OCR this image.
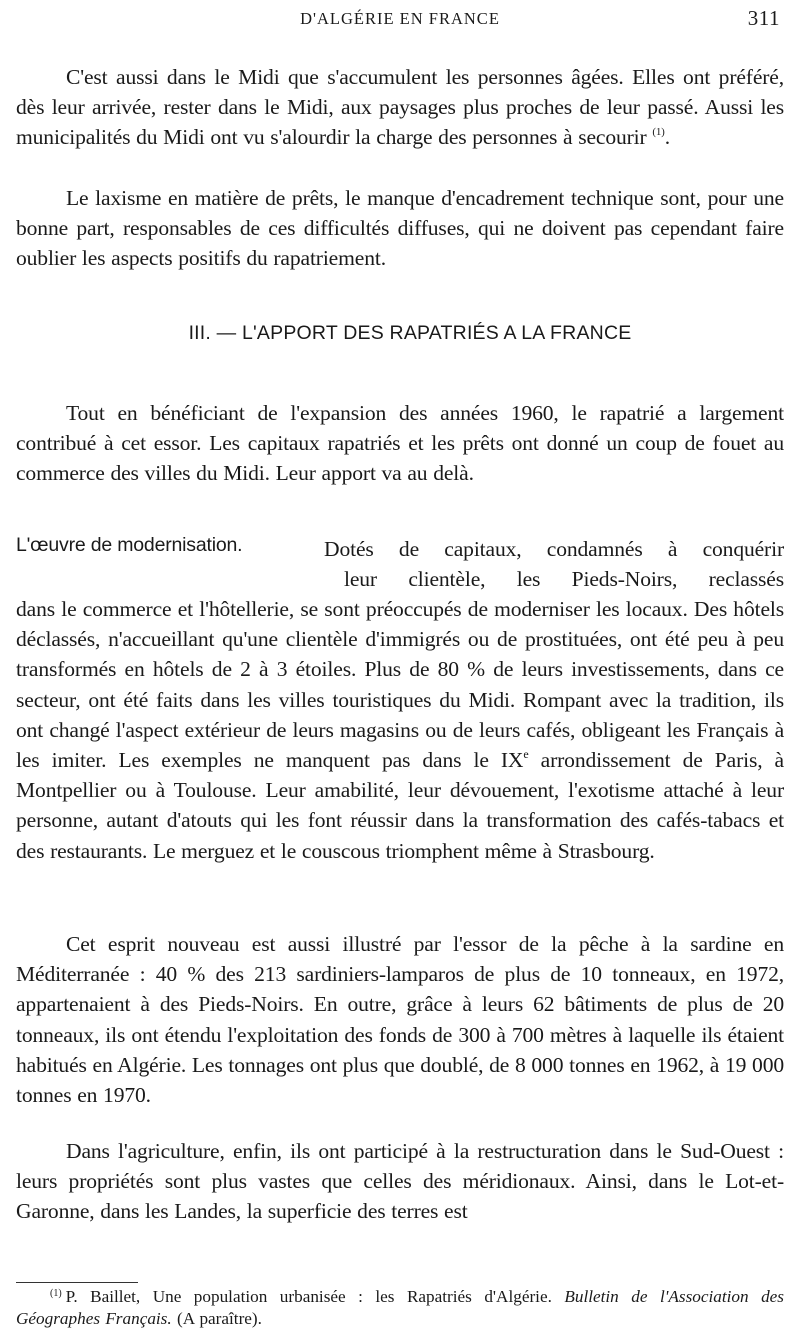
D'ALGÉRIE EN FRANCE	311

C'est aussi dans le Midi que s'accumulent les personnes âgées. Elles ont préféré, dès leur arrivée, rester dans le Midi, aux paysages plus proches de leur passé. Aussi les municipalités du Midi ont vu s'alourdir la charge des personnes à secourir $^{(1)}$.

Le laxisme en matière de prêts, le manque d'encadrement technique sont, pour une bonne part, responsables de ces difficultés diffuses, qui ne doivent pas cependant faire oublier les aspects positifs du rapatriement.

III. — L'APPORT DES RAPATRIÉS A LA FRANCE

Tout en bénéficiant de l'expansion des années 1960, le rapatrié a largement contribué à cet essor. Les capitaux rapatriés et les prêts ont donné un coup de fouet au commerce des villes du Midi. Leur apport va au delà.

L'œuvre de modernisation.	Dotés de capitaux, condamnés à conquérir
leur clientèle, les Pieds-Noirs, reclassés

dans le commerce et l'hôtellerie, se sont préoccupés de moderniser les locaux. Des hôtels déclassés, n'accueillant qu'une clientèle d'immigrés ou de prostituées, ont été peu à peu transformés en hôtels de 2 à 3 étoiles. Plus de 80 % de leurs investissements, dans ce secteur, ont été faits dans les villes touristiques du Midi. Rompant avec la tradition, ils ont changé l'aspect extérieur de leurs magasins ou de leurs cafés, obligeant les Français à les imiter. Les exemples ne manquent pas dans le IXe arrondissement de Paris, à Montpellier ou à Toulouse. Leur amabilité, leur dévouement, l'exotisme attaché à leur personne, autant d'atouts qui les font réussir dans la transformation des cafés-tabacs et des restaurants. Le merguez et le couscous triomphent même à Strasbourg.

Cet esprit nouveau est aussi illustré par l'essor de la pêche à la sardine en Méditerranée : 40 % des 213 sardiniers-lamparos de plus de 10 tonneaux, en 1972, appartenaient à des Pieds-Noirs. En outre, grâce à leurs 62 bâtiments de plus de 20 tonneaux, ils ont étendu l'exploitation des fonds de 300 à 700 mètres à laquelle ils étaient habitués en Algérie. Les tonnages ont plus que doublé, de 8 000 tonnes en 1962, à 19 000 tonnes en 1970.

Dans l'agriculture, enfin, ils ont participé à la restructuration dans le Sud-Ouest : leurs propriétés sont plus vastes que celles des méridionaux. Ainsi, dans le Lot-et-Garonne, dans les Landes, la superficie des terres est

$^{(1)}$ P. Baillet, Une population urbanisée : les Rapatriés d'Algérie. Bulletin de l'Association des Géographes Français. (A paraître).
